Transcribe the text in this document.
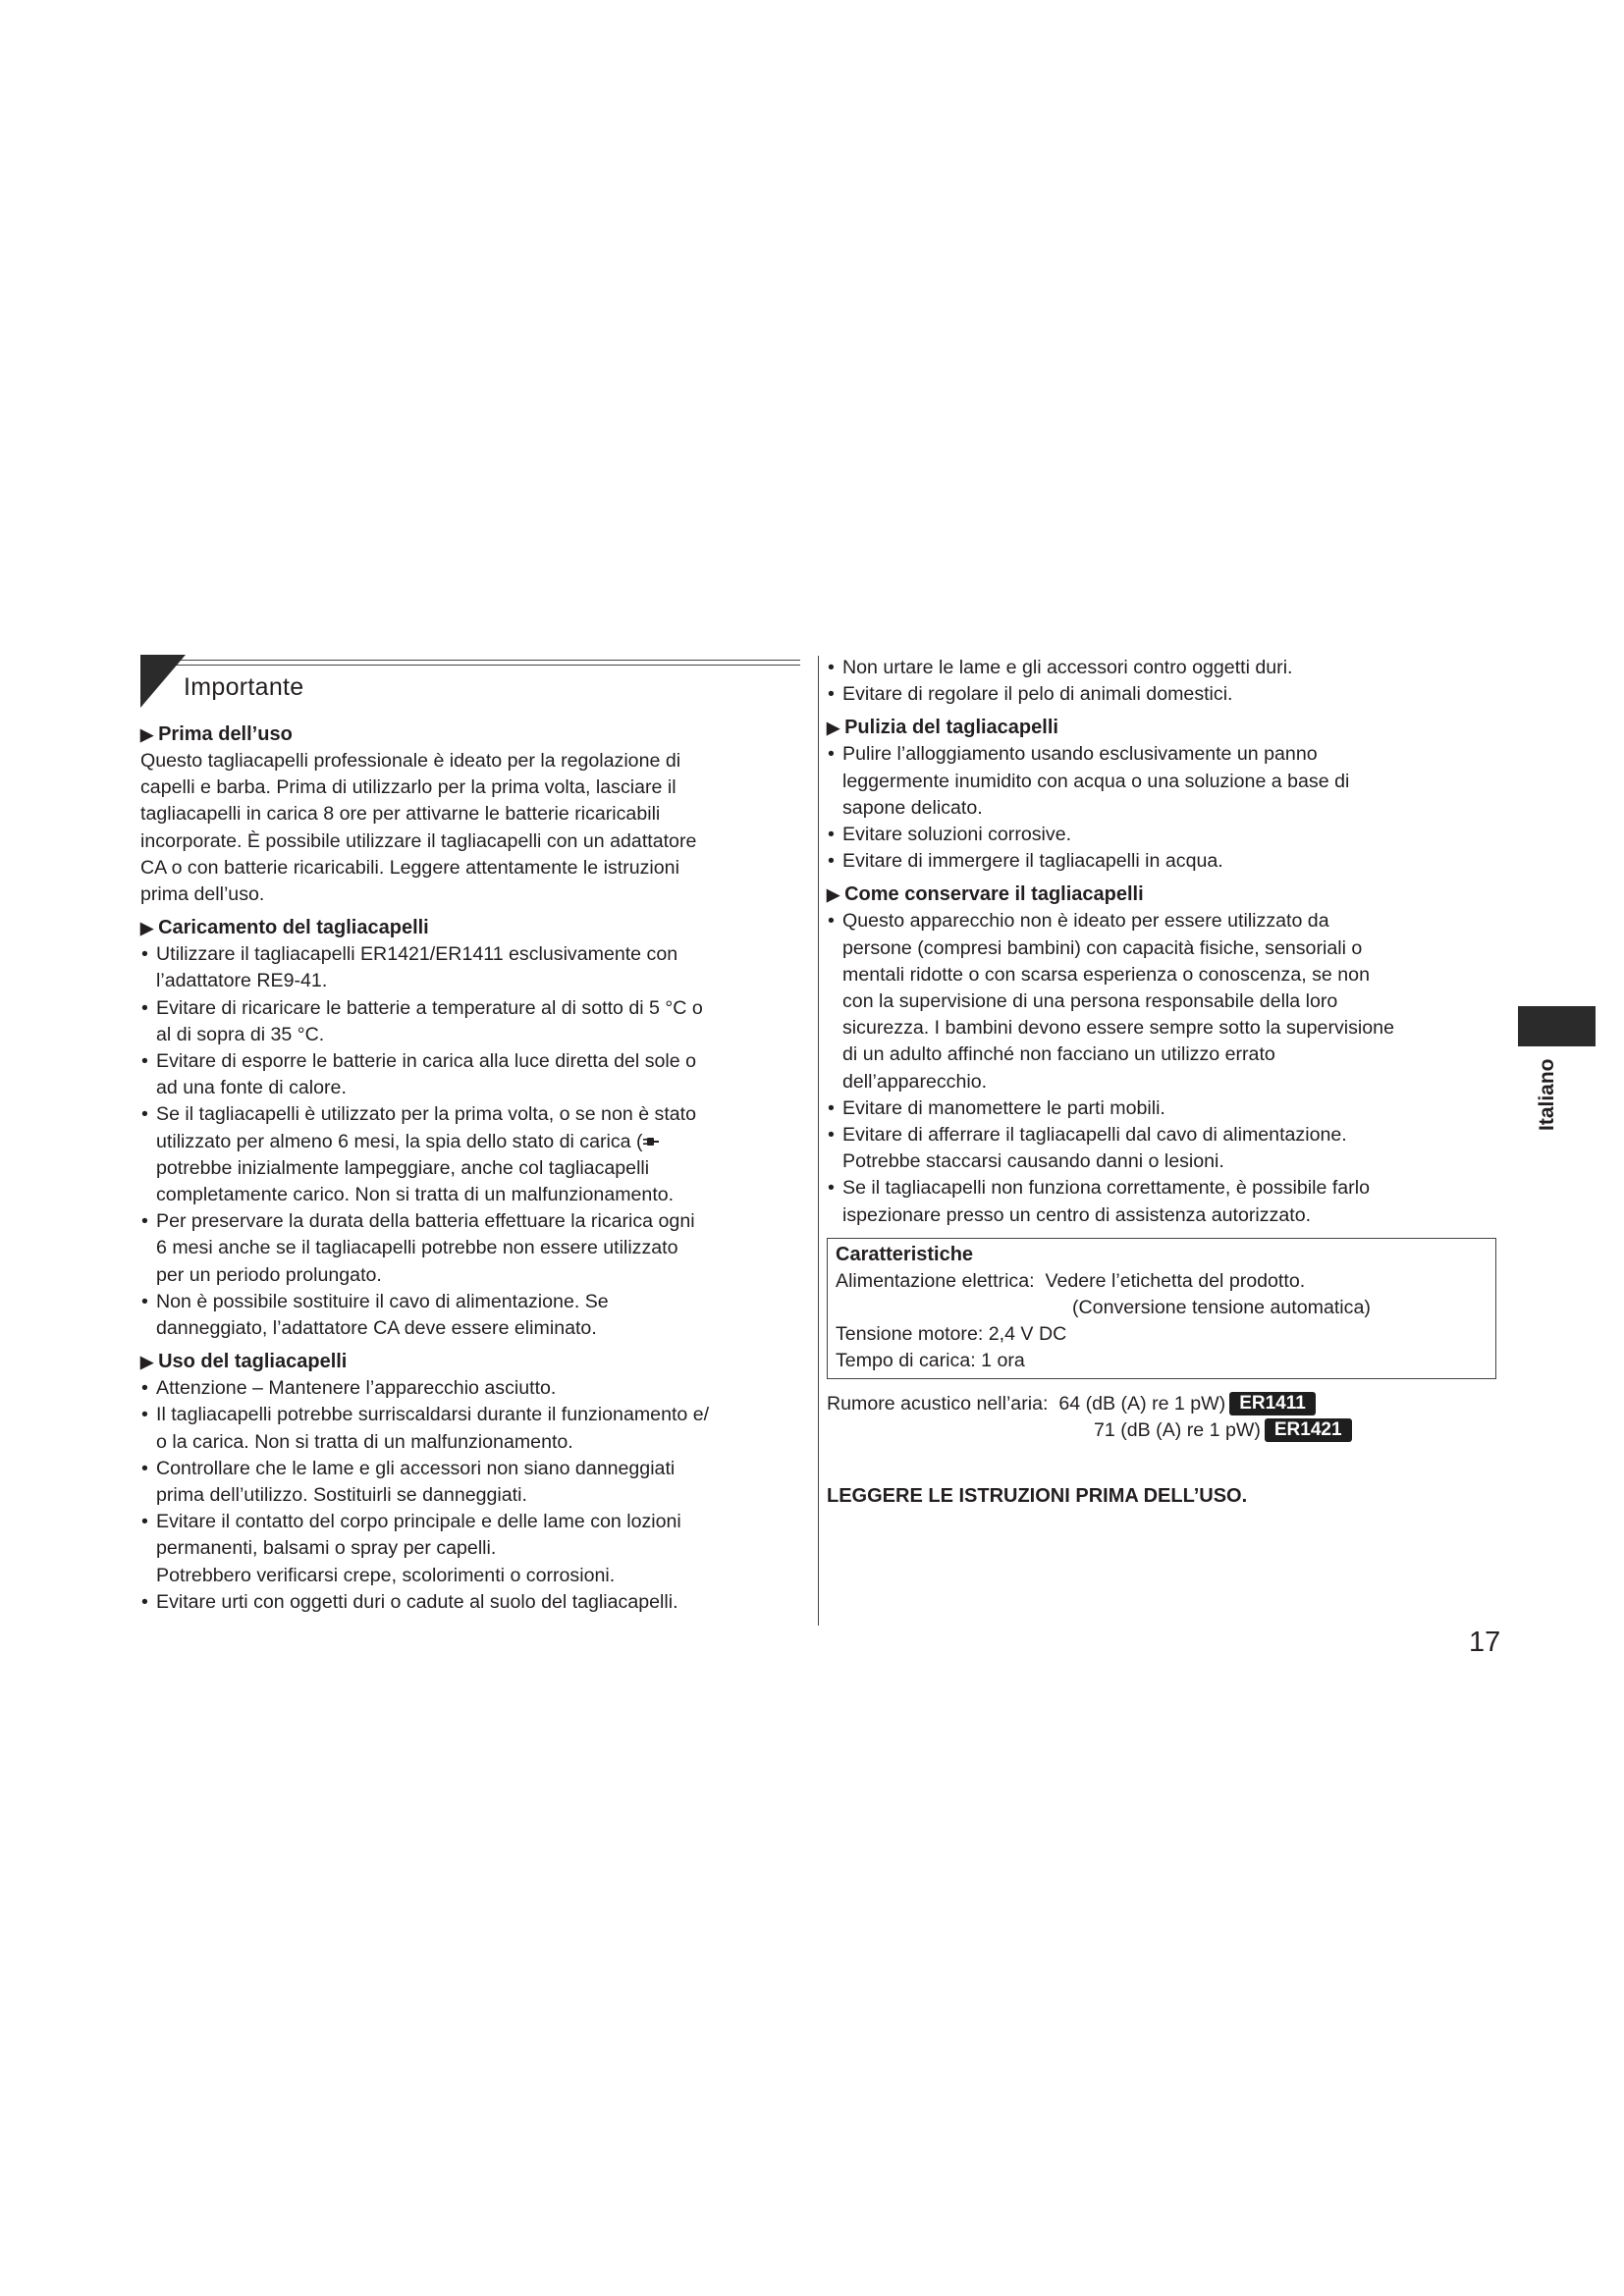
Importante
▶ Prima dell’uso

Questo tagliacapelli professionale è ideato per la regolazione di
capelli e barba. Prima di utilizzarlo per la prima volta, lasciare il
tagliacapelli in carica 8 ore per attivarne le batterie ricaricabili
incorporate. È possibile utilizzare il tagliacapelli con un adattatore
CA o con batterie ricaricabili. Leggere attentamente le istruzioni
prima dell’uso.

▶ Caricamento del tagliacapelli
• Utilizzare il tagliacapelli ER1421/ER1411 esclusivamente con
l’adattatore RE9-41.
• Evitare di ricaricare le batterie a temperature al di sotto di 5 °C o
al di sopra di 35 °C.
• Evitare di esporre le batterie in carica alla luce diretta del sole o
ad una fonte di calore.
• Se il tagliacapelli è utilizzato per la prima volta, o se non è stato
utilizzato per almeno 6 mesi, la spia dello stato di carica (
potrebbe inizialmente lampeggiare, anche col tagliacapelli
completamente carico. Non si tratta di un malfunzionamento.
• Per preservare la durata della batteria effettuare la ricarica ogni
6 mesi anche se il tagliacapelli potrebbe non essere utilizzato
per un periodo prolungato.
• Non è possibile sostituire il cavo di alimentazione. Se
danneggiato, l’adattatore CA deve essere eliminato.
▶ Uso del tagliacapelli
• Attenzione – Mantenere l’apparecchio asciutto.
• Il tagliacapelli potrebbe surriscaldarsi durante il funzionamento e/
o la carica. Non si tratta di un malfunzionamento.
• Controllare che le lame e gli accessori non siano danneggiati
prima dell’utilizzo. Sostituirli se danneggiati.
• Evitare il contatto del corpo principale e delle lame con lozioni
permanenti, balsami o spray per capelli.

Potrebbero verificarsi crepe, scolorimenti o corrosioni.

• Evitare urti con oggetti duri o cadute al suolo del tagliacapelli.
• Non urtare le lame e gli accessori contro oggetti duri.
• Evitare di regolare il pelo di animali domestici.
▶ Pulizia del tagliacapelli
• Pulire l’alloggiamento usando esclusivamente un panno
leggermente inumidito con acqua o una soluzione a base di
sapone delicato.
• Evitare soluzioni corrosive.
• Evitare di immergere il tagliacapelli in acqua.
▶ Come conservare il tagliacapelli
• Questo apparecchio non è ideato per essere utilizzato da
persone (compresi bambini) con capacità fisiche, sensoriali o
mentali ridotte o con scarsa esperienza o conoscenza, se non
con la supervisione di una persona responsabile della loro
sicurezza. I bambini devono essere sempre sotto la supervisione
di un adulto affinché non facciano un utilizzo errato
dell’apparecchio.
• Evitare di manomettere le parti mobili.
• Evitare di afferrare il tagliacapelli dal cavo di alimentazione.
Potrebbe staccarsi causando danni o lesioni.
• Se il tagliacapelli non funziona correttamente, è possibile farlo
ispezionare presso un centro di assistenza autorizzato.
Caratteristiche
Alimentazione elettrica: Vedere l’etichetta del prodotto.
(Conversione tensione automatica)
Tensione motore: 2,4 V DC
Tempo di carica: 1 ora
Rumore acustico nell’aria: 64 (dB (A) re 1 pW) ER1411
71 (dB (A) re 1 pW) ER1421
LEGGERE LE ISTRUZIONI PRIMA DELL’USO.
Italiano
17
